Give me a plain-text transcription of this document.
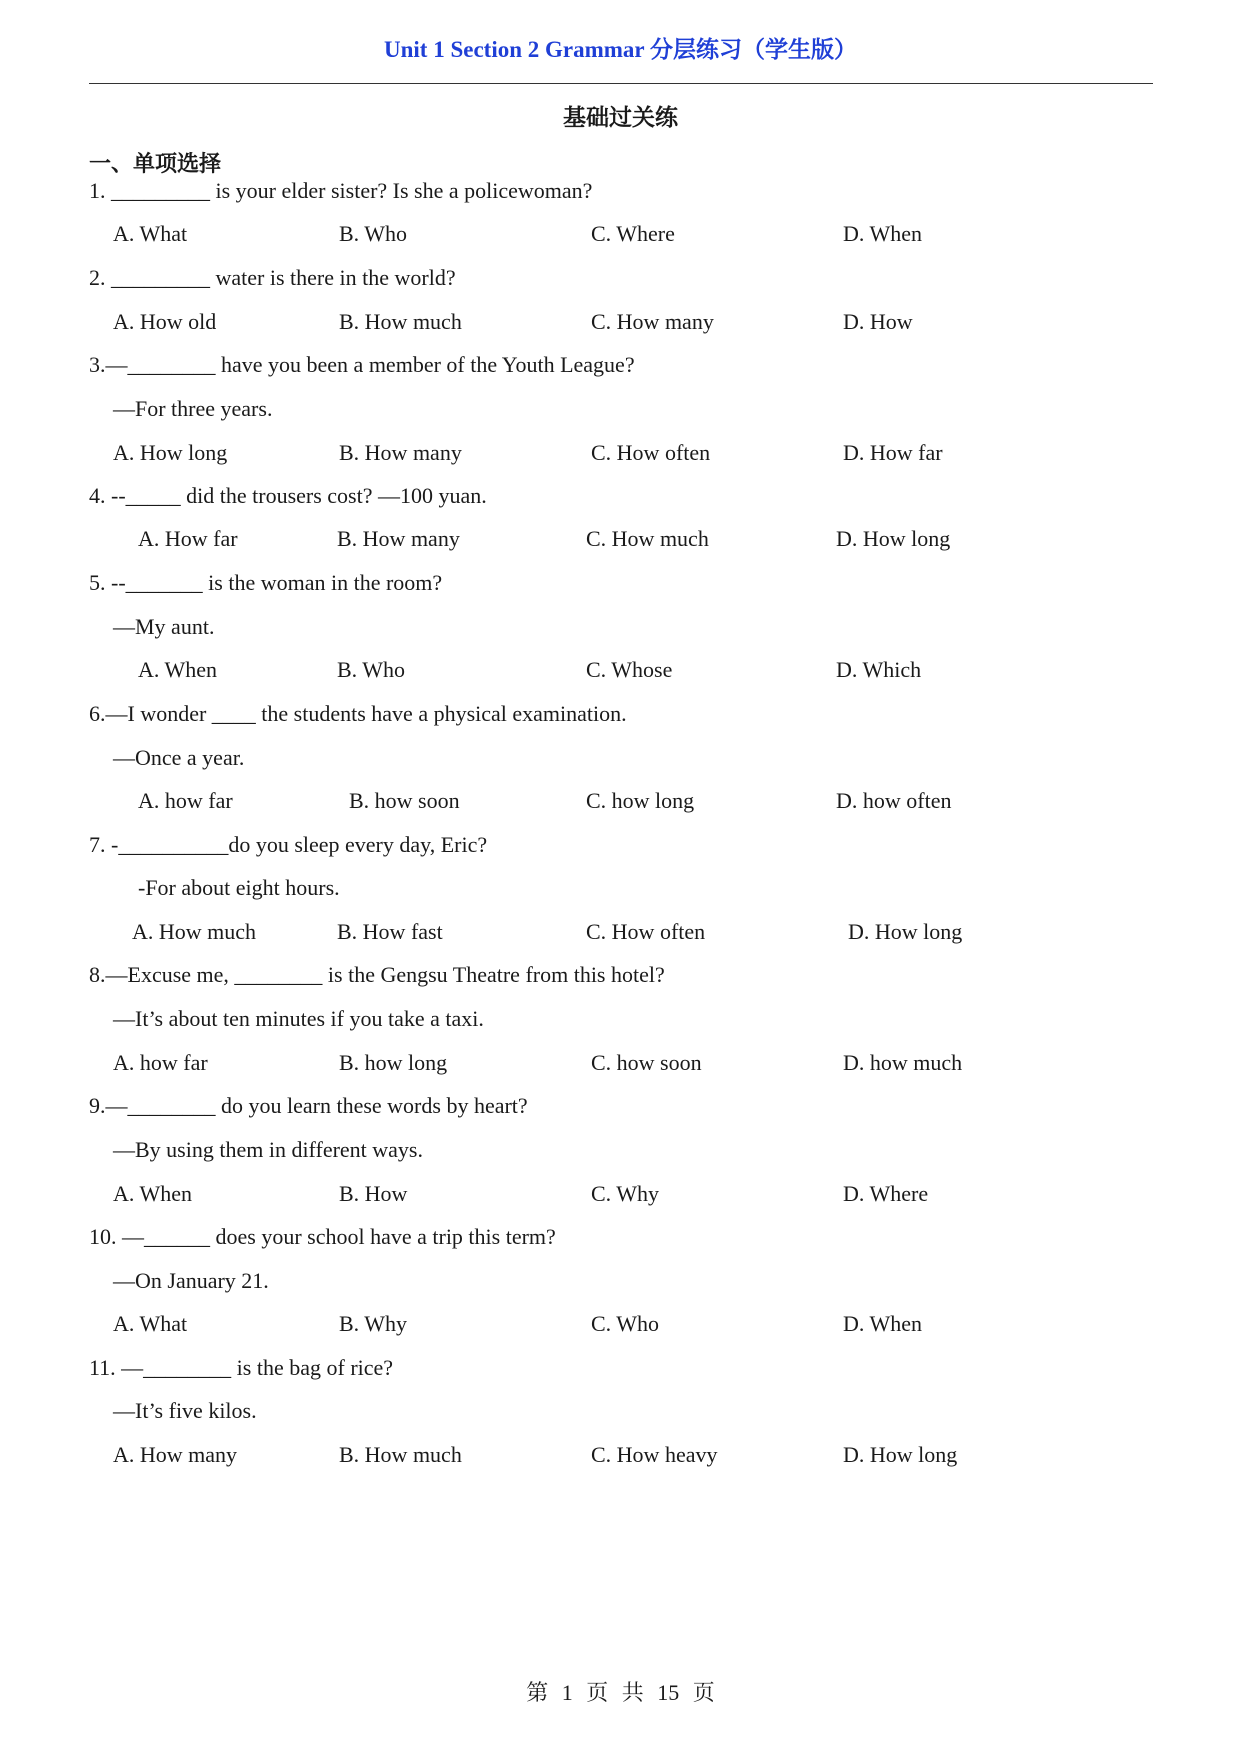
Unit 1 Section 2 Grammar 分层练习（学生版）
基础过关练
一、单项选择
1. _________ is your elder sister? Is she a policewoman?
A. What	B. Who	C. Where	D. When
2. _________ water is there in the world?
A. How old	B. How much	C. How many	D. How
3.—________ have you been a member of the Youth League?
—For three years.
A. How long	B. How many	C. How often	D. How far
4. --_____ did the trousers cost? —100 yuan.
A. How far	B. How many	C. How much	D. How long
5. --_______ is the woman in the room?
—My aunt.
A. When	B. Who	C. Whose	D. Which
6.—I wonder ____ the students have a physical examination.
—Once a year.
A. how far	B. how soon	C. how long	D. how often
7. -__________do you sleep every day, Eric?
-For about eight hours.
A. How much	B. How fast	C. How often	D. How long
8.—Excuse me, ________ is the Gengsu Theatre from this hotel?
—It’s about ten minutes if you take a taxi.
A. how far	B. how long	C. how soon	D. how much
9.—________ do you learn these words by heart?
—By using them in different ways.
A. When	B. How	C. Why	D. Where
10. —______ does your school have a trip this term?
—On January 21.
A. What	B. Why	C. Who	D. When
11. —________ is the bag of rice?
—It’s five kilos.
A. How many	B. How much	C. How heavy	D. How long
第 1 页 共 15 页
